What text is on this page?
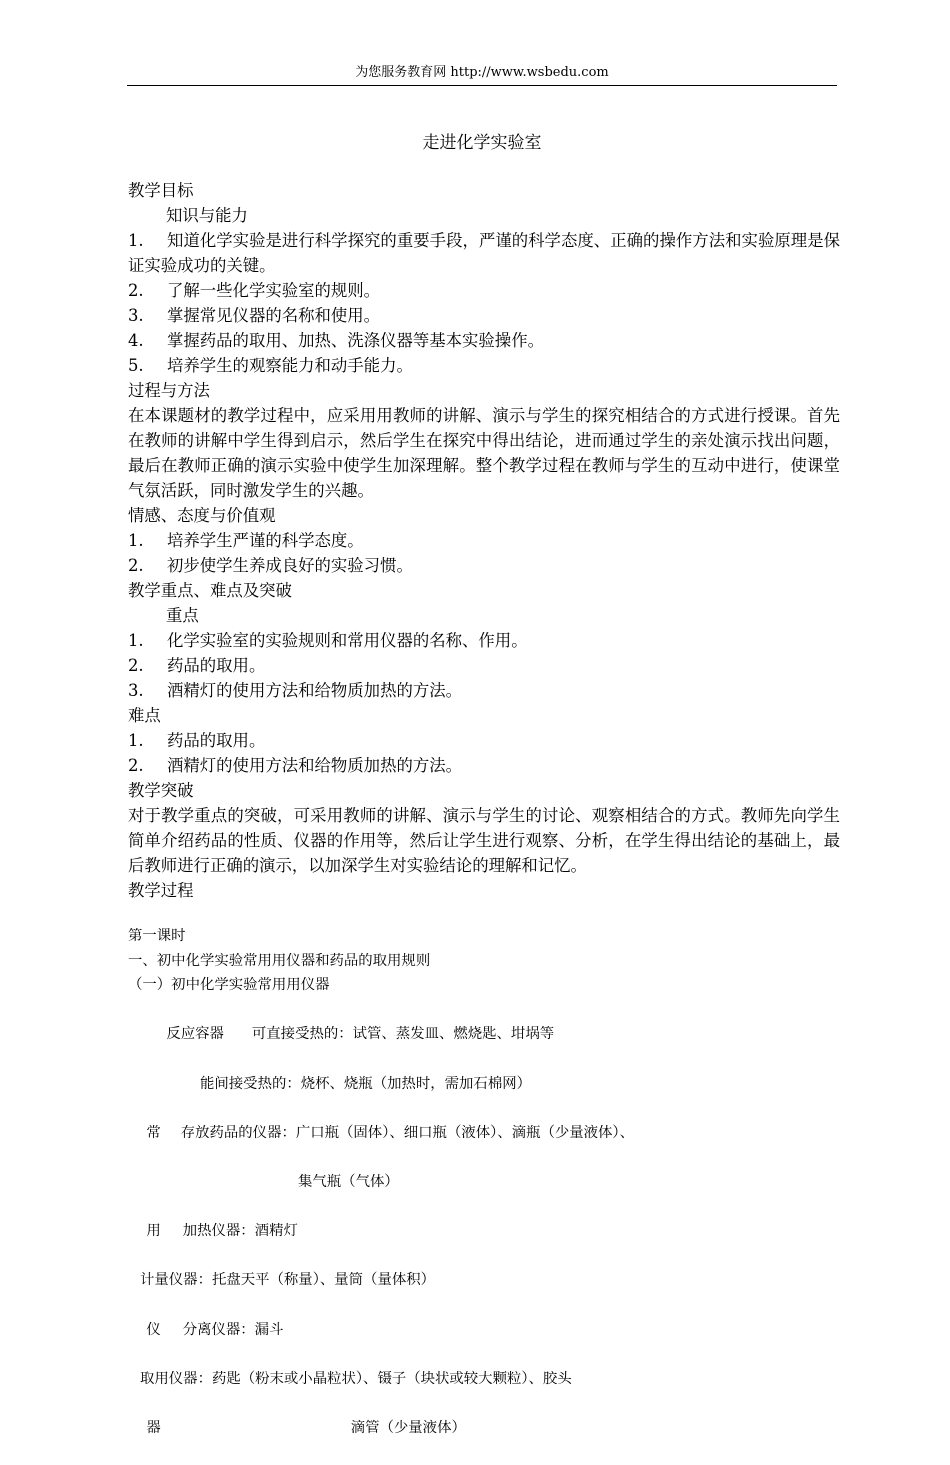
为您服务教育网 http://www.wsbedu.com
走进化学实验室
教学目标
知识与能力
1. 知道化学实验是进行科学探究的重要手段，严谨的科学态度、正确的操作方法和实验原理是保证实验成功的关键。
2. 了解一些化学实验室的规则。
3. 掌握常见仪器的名称和使用。
4. 掌握药品的取用、加热、洗涤仪器等基本实验操作。
5. 培养学生的观察能力和动手能力。
过程与方法
在本课题材的教学过程中，应采用用教师的讲解、演示与学生的探究相结合的方式进行授课。首先在教师的讲解中学生得到启示，然后学生在探究中得出结论，进而通过学生的亲处演示找出问题，最后在教师正确的演示实验中使学生加深理解。整个教学过程在教师与学生的互动中进行，使课堂气氛活跃，同时激发学生的兴趣。
情感、态度与价值观
1. 培养学生严谨的科学态度。
2. 初步使学生养成良好的实验习惯。
教学重点、难点及突破
重点
1. 化学实验室的实验规则和常用仪器的名称、作用。
2. 药品的取用。
3. 酒精灯的使用方法和给物质加热的方法。
难点
1. 药品的取用。
2. 酒精灯的使用方法和给物质加热的方法。
教学突破
对于教学重点的突破，可采用教师的讲解、演示与学生的讨论、观察相结合的方式。教师先向学生简单介绍药品的性质、仪器的作用等，然后让学生进行观察、分析，在学生得出结论的基础上，最后教师进行正确的演示，以加深学生对实验结论的理解和记忆。
教学过程
第一课时
一、初中化学实验常用用仪器和药品的取用规则
（一）初中化学实验常用用仪器

反应容器 可直接受热的：试管、蒸发皿、燃烧匙、坩埚等

能间接受热的：烧杯、烧瓶（加热时，需加石棉网）

常 存放药品的仪器：广口瓶（固体）、细口瓶（液体）、滴瓶（少量液体）、

集气瓶（气体）

用 加热仪器：酒精灯

计量仪器：托盘天平（称量）、量筒（量体积）

仪 分离仪器：漏斗

取用仪器：药匙（粉末或小晶粒状）、镊子（块状或较大颗粒）、胶头

器	滴管（少量液体）
